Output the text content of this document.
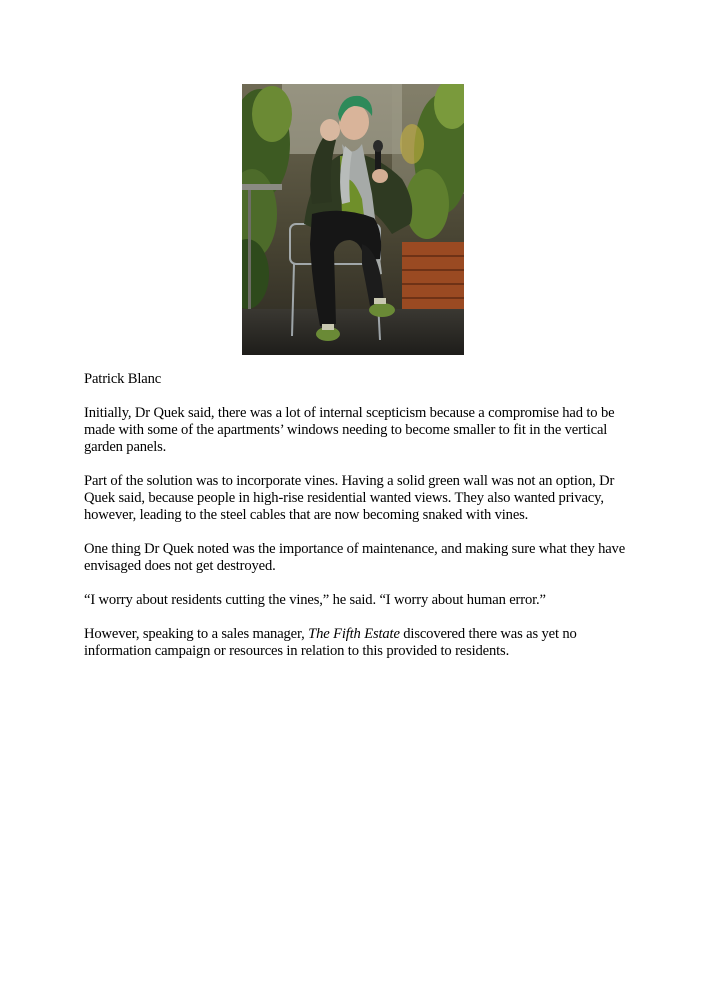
Patrick Blanc

Initially, Dr Quek said, there was a lot of internal scepticism because a compromise had to be made with some of the apartments’ windows needing to become smaller to fit in the vertical garden panels.

Part of the solution was to incorporate vines. Having a solid green wall was not an option, Dr Quek said, because people in high-rise residential wanted views. They also wanted privacy, however, leading to the steel cables that are now becoming snaked with vines.

One thing Dr Quek noted was the importance of maintenance, and making sure what they have envisaged does not get destroyed.

“I worry about residents cutting the vines,” he said. “I worry about human error.”

However, speaking to a sales manager, The Fifth Estate discovered there was as yet no information campaign or resources in relation to this provided to residents.
